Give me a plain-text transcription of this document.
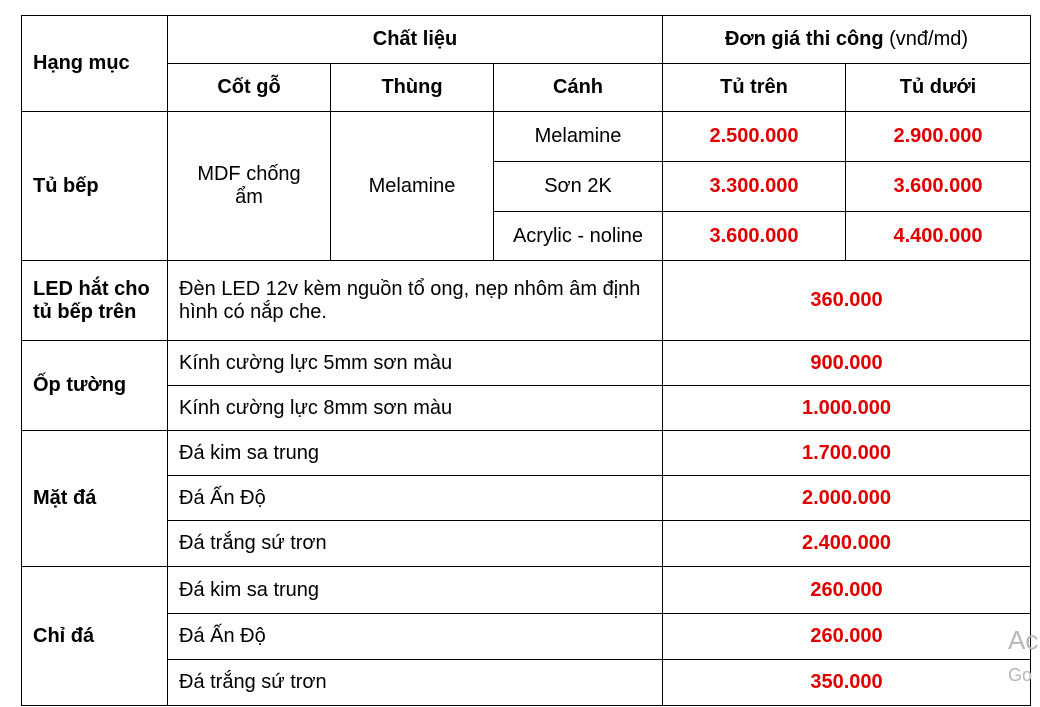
Hạng mục	Chất liệu			Đơn giá thi công (vnđ/md)	
	Cốt gỗ	Thùng	Cánh	Tủ trên	Tủ dưới
Tủ bếp	MDF chống ẩm	Melamine	Melamine	2.500.000	2.900.000
			Sơn 2K	3.300.000	3.600.000
			Acrylic - noline	3.600.000	4.400.000
LED hắt cho tủ bếp trên	Đèn LED 12v kèm nguồn tổ ong, nẹp nhôm âm định hình có nắp che.			360.000	
Ốp tường	Kính cường lực 5mm sơn màu			900.000	
	Kính cường lực 8mm sơn màu			1.000.000	
Mặt đá	Đá kim sa trung			1.700.000	
	Đá Ấn Độ			2.000.000	
	Đá trắng sứ trơn			2.400.000	
Chỉ đá	Đá kim sa trung			260.000	
	Đá Ấn Độ			260.000	
	Đá trắng sứ trơn			350.000	
Ac
Go
